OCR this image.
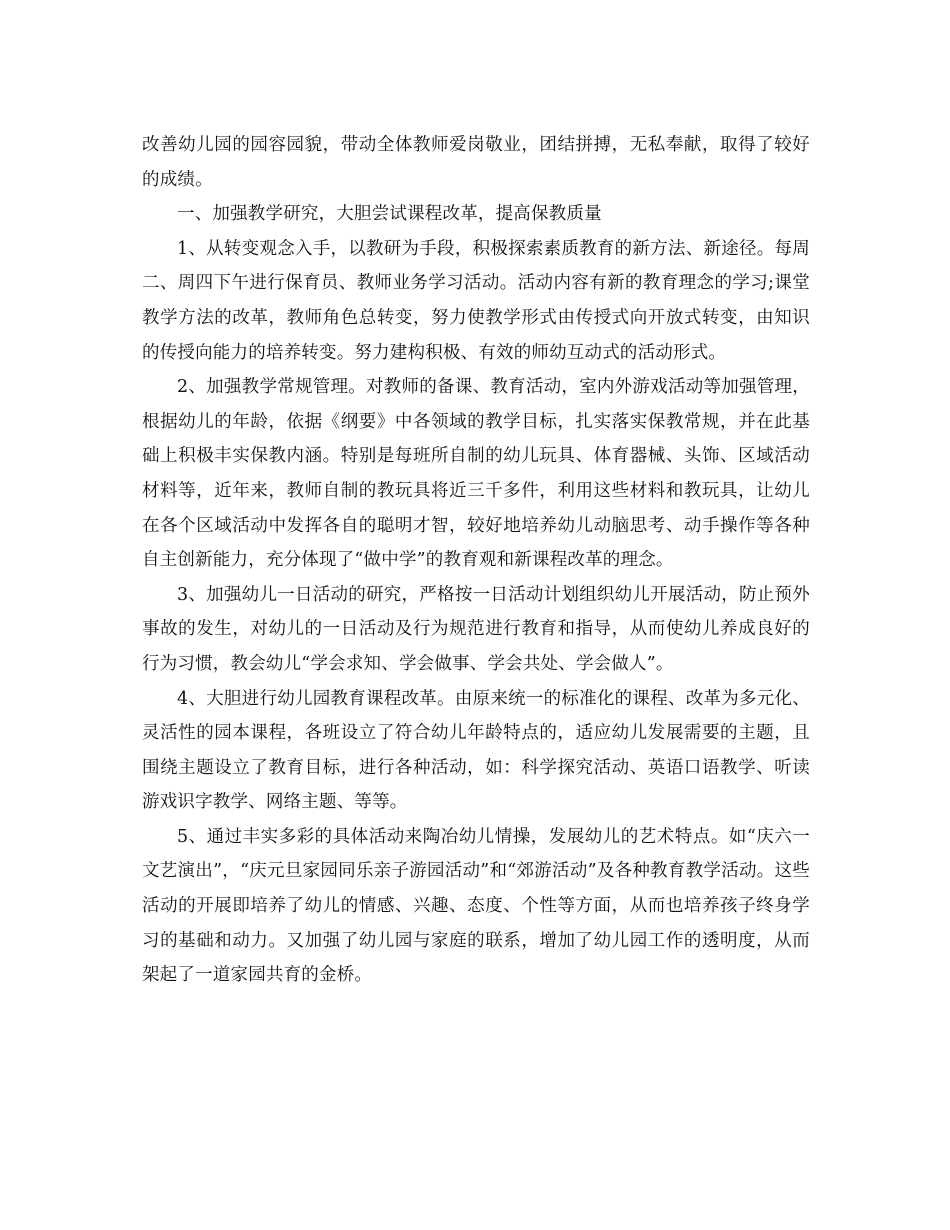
改善幼儿园的园容园貌，带动全体教师爱岗敬业，团结拼搏，无私奉献，取得了较好的成绩。

一、加强教学研究，大胆尝试课程改革，提高保教质量

1、从转变观念入手，以教研为手段，积极探索素质教育的新方法、新途径。每周二、周四下午进行保育员、教师业务学习活动。活动内容有新的教育理念的学习;课堂教学方法的改革，教师角色总转变，努力使教学形式由传授式向开放式转变，由知识的传授向能力的培养转变。努力建构积极、有效的师幼互动式的活动形式。

2、加强教学常规管理。对教师的备课、教育活动，室内外游戏活动等加强管理，根据幼儿的年龄，依据《纲要》中各领域的教学目标，扎实落实保教常规，并在此基础上积极丰实保教内涵。特别是每班所自制的幼儿玩具、体育器械、头饰、区域活动材料等，近年来，教师自制的教玩具将近三千多件，利用这些材料和教玩具，让幼儿在各个区域活动中发挥各自的聪明才智，较好地培养幼儿动脑思考、动手操作等各种自主创新能力，充分体现了“做中学”的教育观和新课程改革的理念。

3、加强幼儿一日活动的研究，严格按一日活动计划组织幼儿开展活动，防止预外事故的发生，对幼儿的一日活动及行为规范进行教育和指导，从而使幼儿养成良好的行为习惯，教会幼儿“学会求知、学会做事、学会共处、学会做人”。

4、大胆进行幼儿园教育课程改革。由原来统一的标准化的课程、改革为多元化、灵活性的园本课程，各班设立了符合幼儿年龄特点的，适应幼儿发展需要的主题，且围绕主题设立了教育目标，进行各种活动，如：科学探究活动、英语口语教学、听读游戏识字教学、网络主题、等等。

5、通过丰实多彩的具体活动来陶冶幼儿情操，发展幼儿的艺术特点。如“庆六一文艺演出”，“庆元旦家园同乐亲子游园活动”和“郊游活动”及各种教育教学活动。这些活动的开展即培养了幼儿的情感、兴趣、态度、个性等方面，从而也培养孩子终身学习的基础和动力。又加强了幼儿园与家庭的联系，增加了幼儿园工作的透明度，从而架起了一道家园共育的金桥。
